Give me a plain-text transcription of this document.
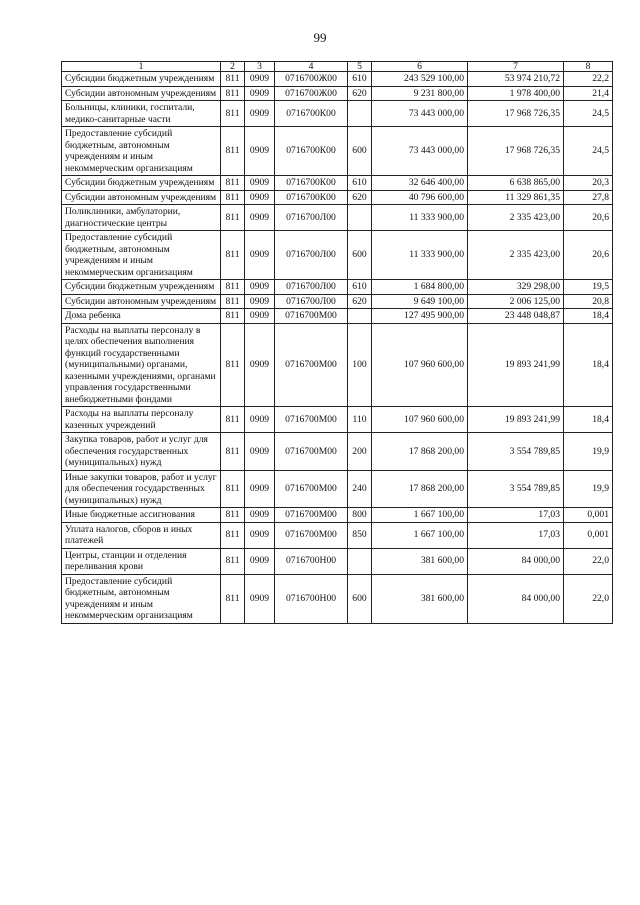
99
1	2	3	4	5	6	7	8
Субсидии бюджетным учреждениям	811	0909	0716700Ж00	610	243 529 100,00	53 974 210,72	22,2
Субсидии автономным учреждениям	811	0909	0716700Ж00	620	9 231 800,00	1 978 400,00	21,4
Больницы, клиники, госпитали, медико-санитарные части	811	0909	0716700К00		73 443 000,00	17 968 726,35	24,5
Предоставление субсидий бюджетным, автономным учреждениям и иным некоммерческим организациям	811	0909	0716700К00	600	73 443 000,00	17 968 726,35	24,5
Субсидии бюджетным учреждениям	811	0909	0716700К00	610	32 646 400,00	6 638 865,00	20,3
Субсидии автономным учреждениям	811	0909	0716700К00	620	40 796 600,00	11 329 861,35	27,8
Поликлиники, амбулатории, диагностические центры	811	0909	0716700Л00		11 333 900,00	2 335 423,00	20,6
Предоставление субсидий бюджетным, автономным учреждениям и иным некоммерческим организациям	811	0909	0716700Л00	600	11 333 900,00	2 335 423,00	20,6
Субсидии бюджетным учреждениям	811	0909	0716700Л00	610	1 684 800,00	329 298,00	19,5
Субсидии автономным учреждениям	811	0909	0716700Л00	620	9 649 100,00	2 006 125,00	20,8
Дома ребенка	811	0909	0716700М00		127 495 900,00	23 448 048,87	18,4
Расходы на выплаты персоналу в целях обеспечения выполнения функций государственными (муниципальными) органами, казенными учреждениями, органами управления государственными внебюджетными фондами	811	0909	0716700М00	100	107 960 600,00	19 893 241,99	18,4
Расходы на выплаты персоналу казенных учреждений	811	0909	0716700М00	110	107 960 600,00	19 893 241,99	18,4
Закупка товаров, работ и услуг для обеспечения государственных (муниципальных) нужд	811	0909	0716700М00	200	17 868 200,00	3 554 789,85	19,9
Иные закупки товаров, работ и услуг для обеспечения государственных (муниципальных) нужд	811	0909	0716700М00	240	17 868 200,00	3 554 789,85	19,9
Иные бюджетные ассигнования	811	0909	0716700М00	800	1 667 100,00	17,03	0,001
Уплата налогов, сборов и иных платежей	811	0909	0716700М00	850	1 667 100,00	17,03	0,001
Центры, станции и отделения переливания крови	811	0909	0716700Н00		381 600,00	84 000,00	22,0
Предоставление субсидий бюджетным, автономным учреждениям и иным некоммерческим организациям	811	0909	0716700Н00	600	381 600,00	84 000,00	22,0
